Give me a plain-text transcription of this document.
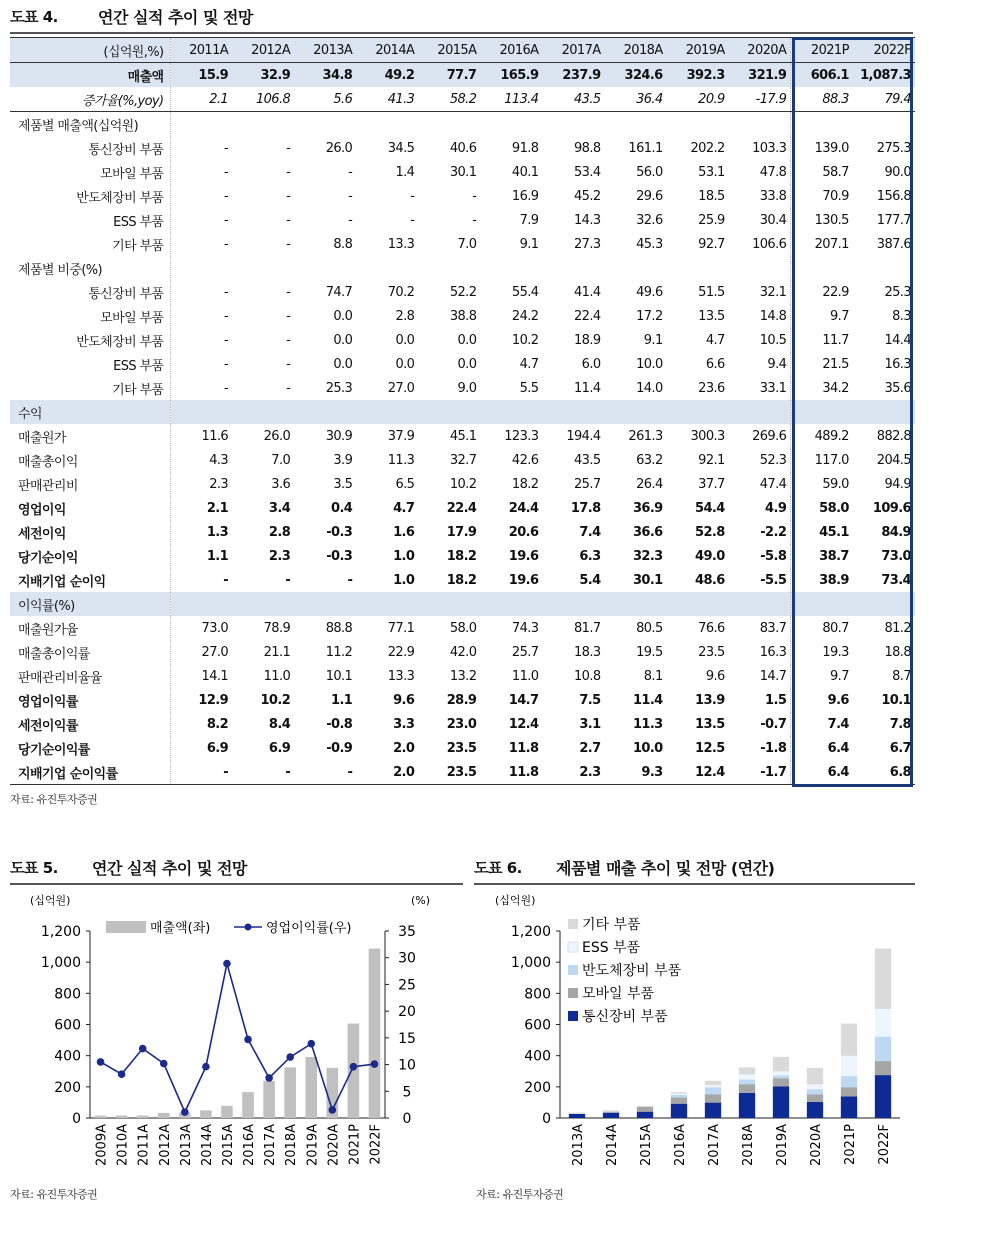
도표 4.	연간 실적 추이 및 전망
(십억원,%)	2011A	2012A	2013A	2014A	2015A	2016A	2017A	2018A	2019A	2020A	2021P	2022F
매출액	15.9	32.9	34.8	49.2	77.7	165.9	237.9	324.6	392.3	321.9	606.1	1,087.3
증가율(%,yoy)	2.1	106.8	5.6	41.3	58.2	113.4	43.5	36.4	20.9	-17.9	88.3	79.4
제품별 매출액(십억원)												
통신장비 부품	-	-	26.0	34.5	40.6	91.8	98.8	161.1	202.2	103.3	139.0	275.3
모바일 부품	-	-	-	1.4	30.1	40.1	53.4	56.0	53.1	47.8	58.7	90.0
반도체장비 부품	-	-	-	-	-	16.9	45.2	29.6	18.5	33.8	70.9	156.8
ESS 부품	-	-	-	-	-	7.9	14.3	32.6	25.9	30.4	130.5	177.7
기타 부품	-	-	8.8	13.3	7.0	9.1	27.3	45.3	92.7	106.6	207.1	387.6
제품별 비중(%)												
통신장비 부품	-	-	74.7	70.2	52.2	55.4	41.4	49.6	51.5	32.1	22.9	25.3
모바일 부품	-	-	0.0	2.8	38.8	24.2	22.4	17.2	13.5	14.8	9.7	8.3
반도체장비 부품	-	-	0.0	0.0	0.0	10.2	18.9	9.1	4.7	10.5	11.7	14.4
ESS 부품	-	-	0.0	0.0	0.0	4.7	6.0	10.0	6.6	9.4	21.5	16.3
기타 부품	-	-	25.3	27.0	9.0	5.5	11.4	14.0	23.6	33.1	34.2	35.6
수익												
매출원가	11.6	26.0	30.9	37.9	45.1	123.3	194.4	261.3	300.3	269.6	489.2	882.8
매출총이익	4.3	7.0	3.9	11.3	32.7	42.6	43.5	63.2	92.1	52.3	117.0	204.5
판매관리비	2.3	3.6	3.5	6.5	10.2	18.2	25.7	26.4	37.7	47.4	59.0	94.9
영업이익	2.1	3.4	0.4	4.7	22.4	24.4	17.8	36.9	54.4	4.9	58.0	109.6
세전이익	1.3	2.8	-0.3	1.6	17.9	20.6	7.4	36.6	52.8	-2.2	45.1	84.9
당기순이익	1.1	2.3	-0.3	1.0	18.2	19.6	6.3	32.3	49.0	-5.8	38.7	73.0
지배기업 순이익	-	-	-	1.0	18.2	19.6	5.4	30.1	48.6	-5.5	38.9	73.4
이익률(%)												
매출원가율	73.0	78.9	88.8	77.1	58.0	74.3	81.7	80.5	76.6	83.7	80.7	81.2
매출총이익률	27.0	21.1	11.2	22.9	42.0	25.7	18.3	19.5	23.5	16.3	19.3	18.8
판매관리비율율	14.1	11.0	10.1	13.3	13.2	11.0	10.8	8.1	9.6	14.7	9.7	8.7
영업이익률	12.9	10.2	1.1	9.6	28.9	14.7	7.5	11.4	13.9	1.5	9.6	10.1
세전이익률	8.2	8.4	-0.8	3.3	23.0	12.4	3.1	11.3	13.5	-0.7	7.4	7.8
당기순이익률	6.9	6.9	-0.9	2.0	23.5	11.8	2.7	10.0	12.5	-1.8	6.4	6.7
지배기업 순이익률	-	-	-	2.0	23.5	11.8	2.3	9.3	12.4	-1.7	6.4	6.8
자료: 유진투자증권
도표 5. 연간 실적 추이 및 전망
(십억원)	(%)
0
200
400
600
800
1,000
1,200
0
5
10
15
20
25
30
35
2009A 2010A 2011A 2012A 2013A 2014A 2015A 2016A 2017A 2018A 2019A 2020A 2021P 2022F
매출액(좌)	영업이익률(우)
자료: 유진투자증권
도표 6. 제품별 매출 추이 및 전망 (연간)
(십억원)
0
200
400
600
800
1,000
1,200
2013A 2014A 2015A 2016A 2017A 2018A 2019A 2020A 2021P 2022F
기타 부품
ESS 부품
반도체장비 부품
모바일 부품
통신장비 부품
자료: 유진투자증권
